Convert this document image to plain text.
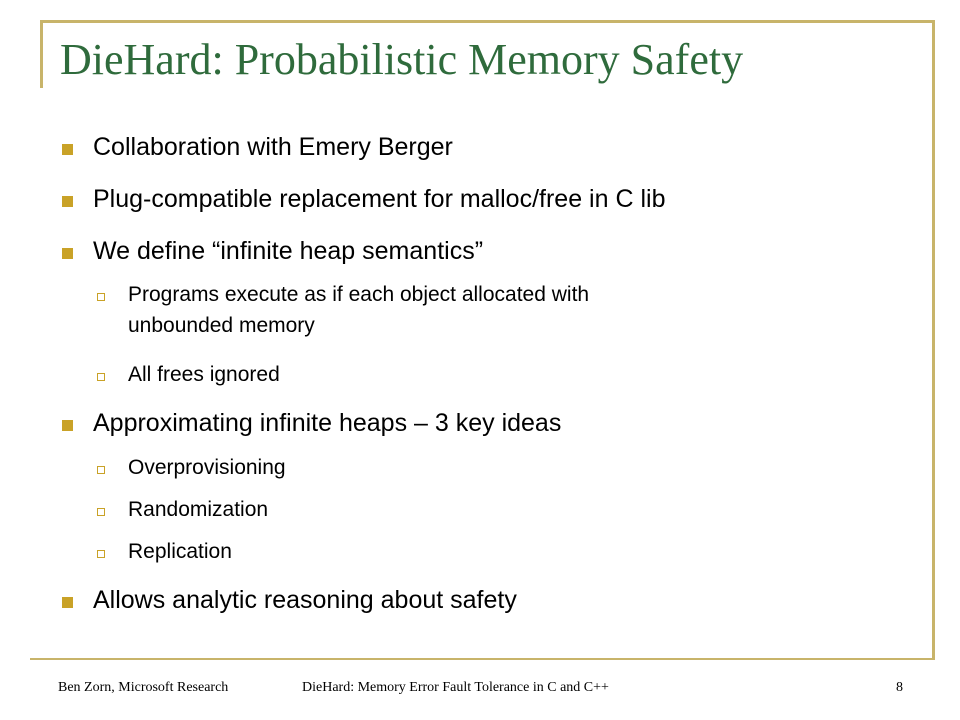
DieHard: Probabilistic Memory Safety
Collaboration with Emery Berger
Plug-compatible replacement for malloc/free in C lib
We define “infinite heap semantics”
Programs execute as if each object allocated with
unbounded memory
All frees ignored
Approximating infinite heaps – 3 key ideas
Overprovisioning
Randomization
Replication
Allows analytic reasoning about safety
Ben Zorn, Microsoft Research	DieHard: Memory Error Fault Tolerance in C and C++	8
